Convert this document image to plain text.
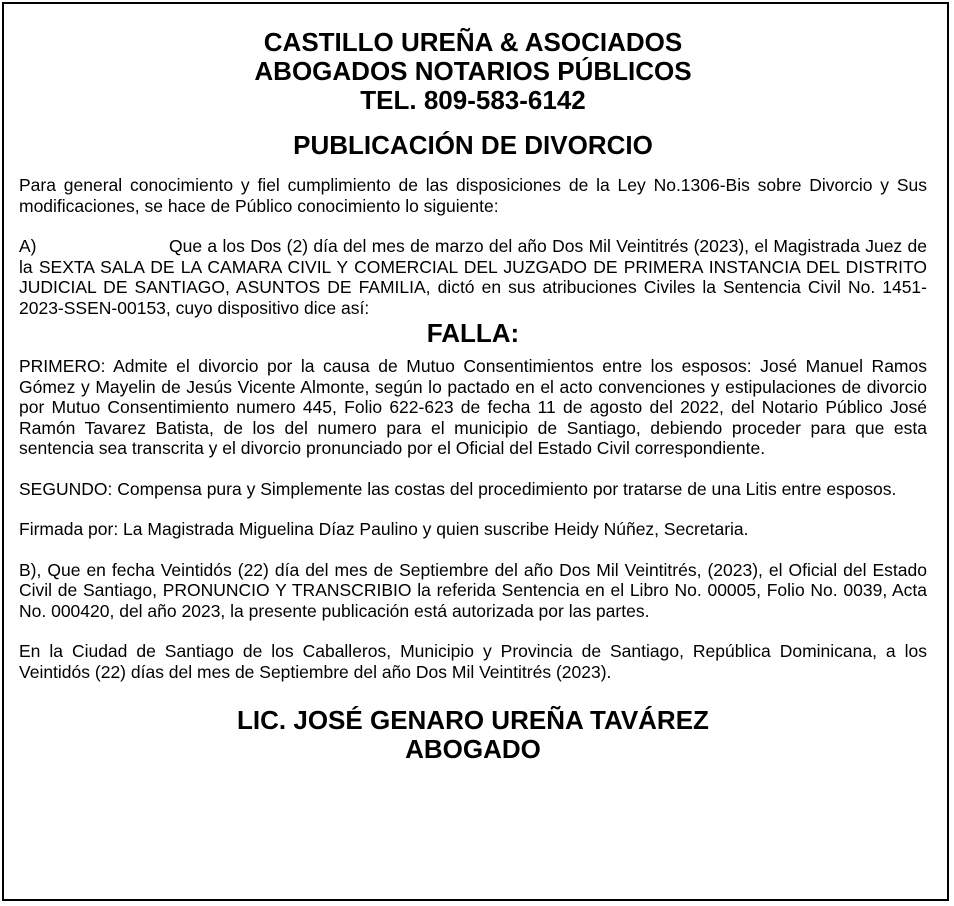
CASTILLO UREÑA & ASOCIADOS
ABOGADOS NOTARIOS PÚBLICOS
TEL. 809-583-6142
PUBLICACIÓN DE DIVORCIO

Para general conocimiento y fiel cumplimiento de las disposiciones de la Ley No.1306-Bis sobre Divorcio y Sus modificaciones, se hace de Público conocimiento lo siguiente:

A)	Que a los Dos (2) día del mes de marzo del año Dos Mil Veintitrés (2023), el Magistrada Juez de la SEXTA SALA DE LA CAMARA CIVIL Y COMERCIAL DEL JUZGADO DE PRIMERA INSTANCIA DEL DISTRITO JUDICIAL DE SANTIAGO, ASUNTOS DE FAMILIA, dictó en sus atribuciones Civiles la Sentencia Civil No. 1451-2023-SSEN-00153, cuyo dispositivo dice así:

FALLA:

PRIMERO: Admite el divorcio por la causa de Mutuo Consentimientos entre los esposos: José Manuel Ramos Gómez y Mayelin de Jesús Vicente Almonte, según lo pactado en el acto convenciones y estipulaciones de divorcio por Mutuo Consentimiento numero 445, Folio 622-623 de fecha 11 de agosto del 2022, del Notario Público José Ramón Tavarez Batista, de los del numero para el municipio de Santiago, debiendo proceder para que esta sentencia sea transcrita y el divorcio pronunciado por el Oficial del Estado Civil correspondiente.

SEGUNDO: Compensa pura y Simplemente las costas del procedimiento por tratarse de una Litis entre esposos.

Firmada por: La Magistrada Miguelina Díaz Paulino y quien suscribe Heidy Núñez, Secretaria.

B), Que en fecha Veintidós (22) día del mes de Septiembre del año Dos Mil Veintitrés, (2023), el Oficial del Estado Civil de Santiago, PRONUNCIO Y TRANSCRIBIO la referida Sentencia en el Libro No. 00005, Folio No. 0039, Acta No. 000420, del año 2023, la presente publicación está autorizada por las partes.

En la Ciudad de Santiago de los Caballeros, Municipio y Provincia de Santiago, República Dominicana, a los Veintidós (22) días del mes de Septiembre del año Dos Mil Veintitrés (2023).

LIC. JOSÉ GENARO UREÑA TAVÁREZ
ABOGADO
